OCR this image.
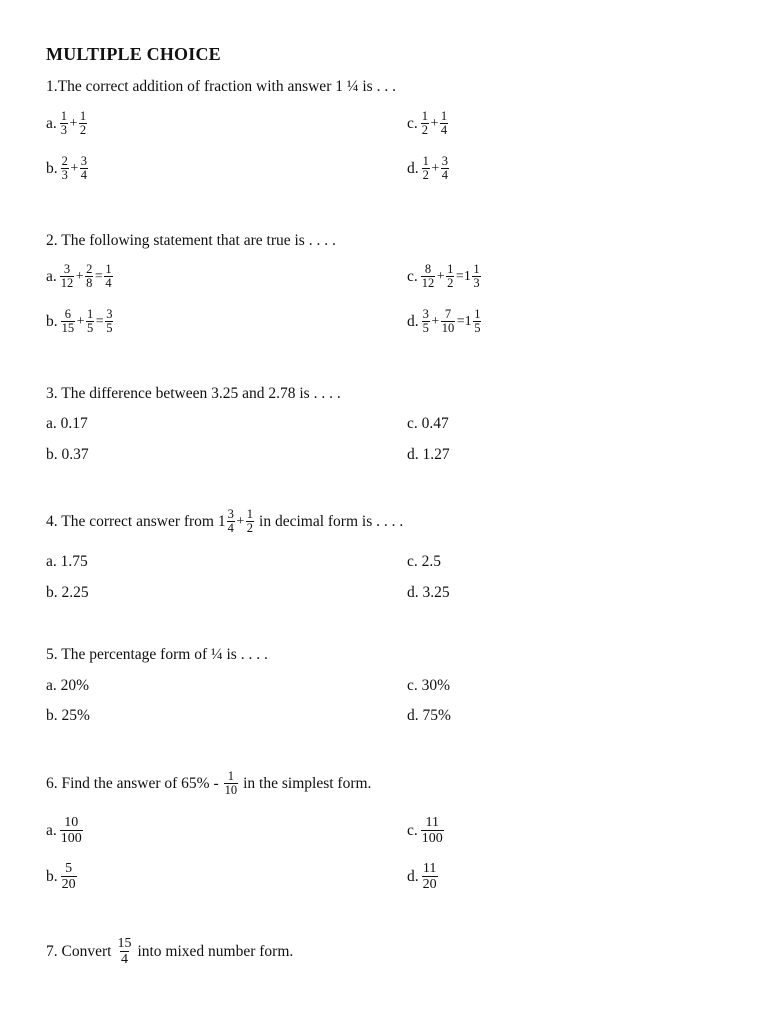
MULTIPLE CHOICE
1.The correct addition of fraction with answer 1 ¼ is . . .
a. $\frac{1}{3} + \frac{1}{2}$	c. $\frac{1}{2} + \frac{1}{4}$
b. $\frac{2}{3} + \frac{3}{4}$	d. $\frac{1}{2} + \frac{3}{4}$
2. The following statement that are true is . . . .
a. $\frac{3}{12} + \frac{2}{8} = \frac{1}{4}$	c. $\frac{8}{12} + \frac{1}{2} =1 \frac{1}{3}$
b. $\frac{6}{15} + \frac{1}{5} = \frac{3}{5}$	d. $\frac{3}{5} + \frac{7}{10} =1 \frac{1}{5}$
3. The difference between 3.25 and 2.78 is . . . .
a. 0.17	c. 0.47
b. 0.37	d. 1.27
4. The correct answer from $1 \frac{3}{4} + \frac{1}{2}$ in decimal form is . . . .
a. 1.75	c. 2.5
b. 2.25	d. 3.25
5. The percentage form of ¼ is . . . .
a. 20%	c. 30%
b. 25%	d. 75%
6. Find the answer of $65\% - \frac{1}{10}$ in the simplest form.
a. $\frac{10}{100}$	c. $\frac{11}{100}$
b. $\frac{5}{20}$	d. $\frac{11}{20}$
7. Convert $\frac{15}{4}$ into mixed number form.
